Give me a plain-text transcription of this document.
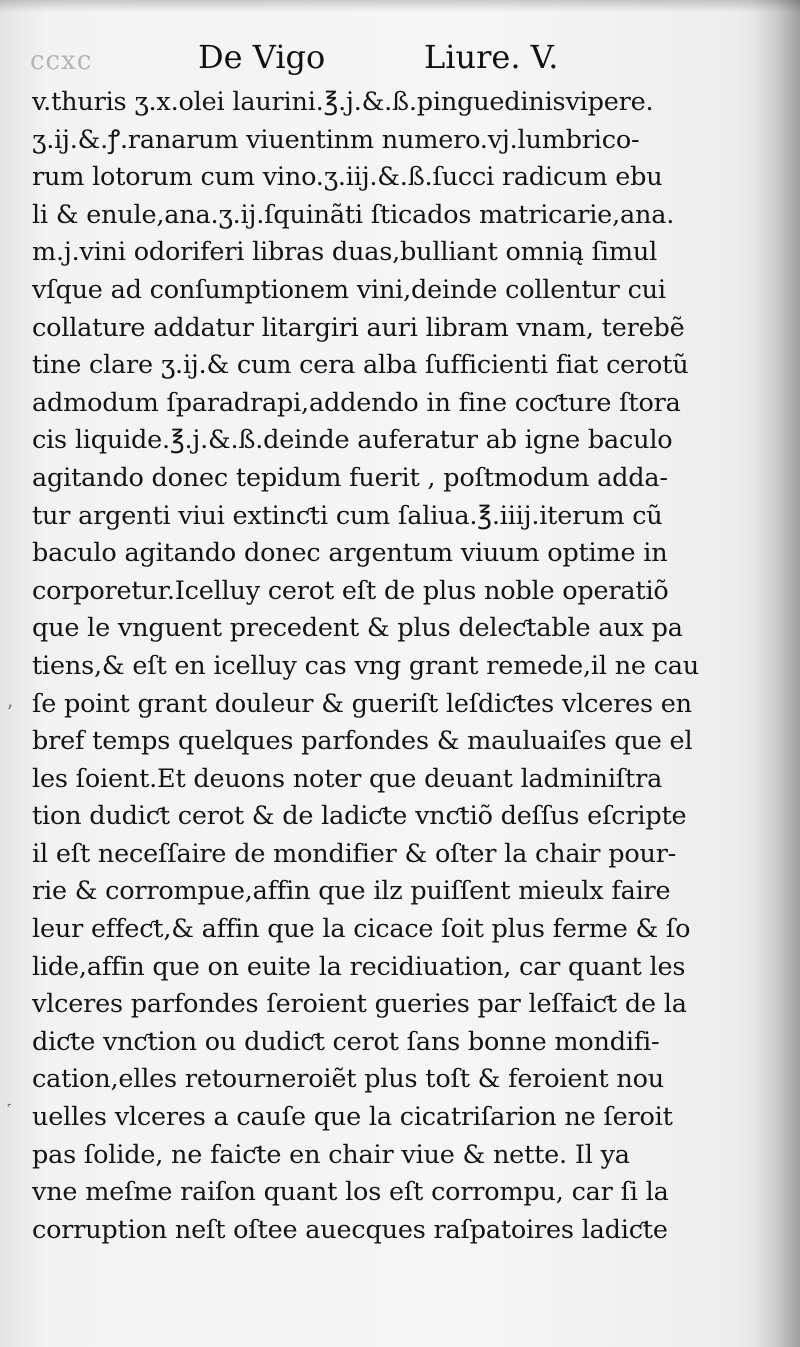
ccxc	De Vigo	Liure. V.
ʼ
˹
v.thuris ʒ.x.olei laurini.℥.j.&.ß.pinguedinisvipere.
ʒ.ij.&.ꝭ.ranarum viuentinm numero.vj.lumbrico-
rum lotorum cum vino.ʒ.iij.&.ß.ſucci radicum ebu
li & enule,ana.ʒ.ij.ſquinãti ſticados matricarie,ana.
m.j.vini odoriferi libras duas,bulliant omnią ſimul
vſque ad conſumptionem vini,deinde collentur cui
collature addatur litargiri auri libram vnam, terebẽ
tine clare ʒ.ij.& cum cera alba ſufficienti fiat cerotũ
admodum ſparadrapi,addendo in fine coƈture ſtora
cis liquide.℥.j.&.ß.deinde auferatur ab igne baculo
agitando donec tepidum fuerit , poſtmodum adda-
tur argenti viui extinƈti cum ſaliua.℥.iiij.iterum cũ
baculo agitando donec argentum viuum optime in
corporetur.Icelluy cerot eſt de plus noble operatiõ
que le vnguent precedent & plus deleƈtable aux pa
tiens,& eſt en icelluy cas vng grant remede,il ne cau
ſe point grant douleur & gueriſt leſdiƈtes vlceres en
bref temps quelques parfondes & mauluaiſes que el
les ſoient.Et deuons noter que deuant ladminiſtra
tion dudiƈt cerot & de ladiƈte vnƈtiõ deſſus eſcripte
il eſt neceſſaire de mondifier & oſter la chair pour-
rie & corrompue,affin que ilz puiſſent mieulx faire
leur effeƈt,& affin que la cicace ſoit plus ferme & ſo
lide,affin que on euite la recidiuation, car quant les
vlceres parfondes ſeroient gueries par leſfaiƈt de la
diƈte vnƈtion ou dudiƈt cerot ſans bonne mondifi-
cation,elles retourneroiẽt plus toſt & feroient nou
uelles vlceres a cauſe que la cicatriſarion ne ſeroit
pas ſolide, ne faiƈte en chair viue & nette. Il ya
vne meſme raiſon quant los eſt corrompu, car ſi la
corruption neſt oſtee auecques raſpatoires ladiƈte
